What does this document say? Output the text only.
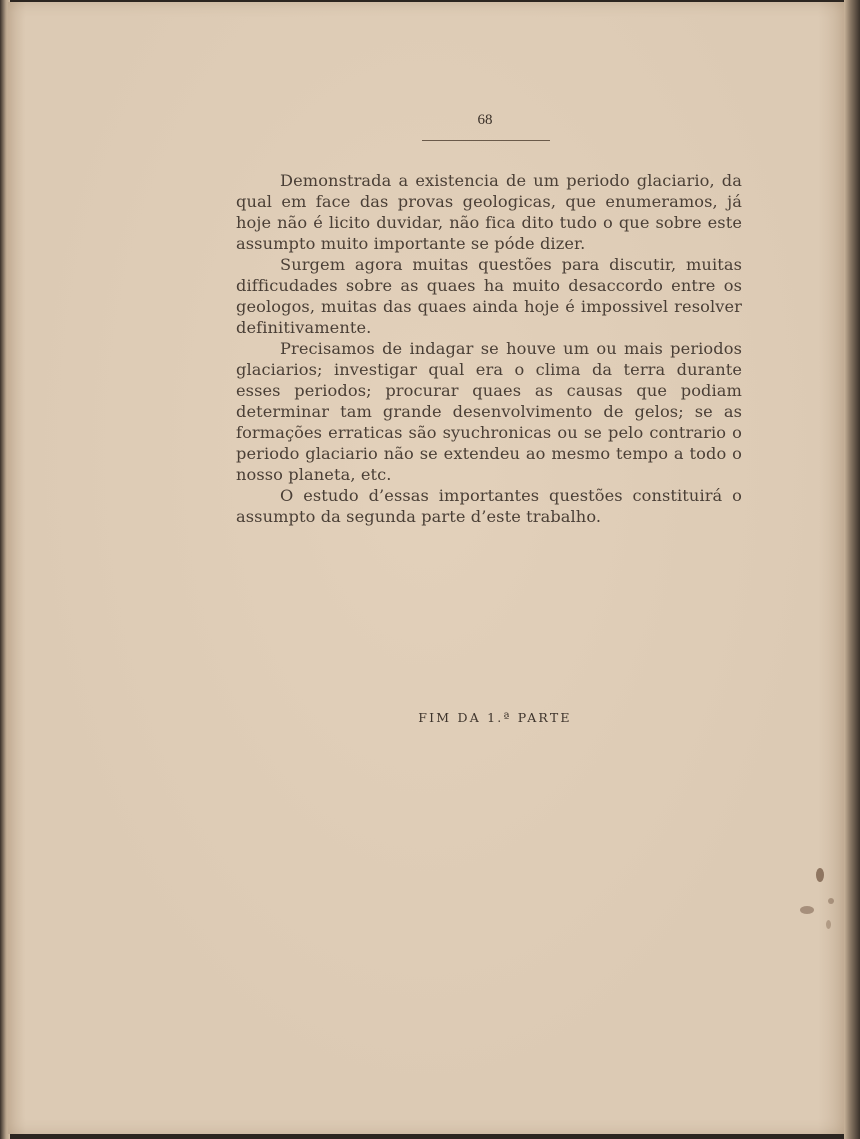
68

Demonstrada a existencia de um periodo glaciario, da qual em face das provas geologicas, que enumeramos, já hoje não é licito duvidar, não fica dito tudo o que sobre este assumpto muito importante se póde dizer.

Surgem agora muitas questões para discutir, muitas difficudades sobre as quaes ha muito desaccordo entre os geologos, muitas das quaes ainda hoje é impossivel resolver definitivamente.

Precisamos de indagar se houve um ou mais periodos glaciarios; investigar qual era o clima da terra durante esses periodos; procurar quaes as causas que podiam determinar tam grande desenvolvimento de gelos; se as formações erraticas são syuchronicas ou se pelo contrario o periodo glaciario não se extendeu ao mesmo tempo a todo o nosso planeta, etc.

O estudo d’essas importantes questões constituirá o assumpto da segunda parte d’este trabalho.

FIM DA 1.ª PARTE
